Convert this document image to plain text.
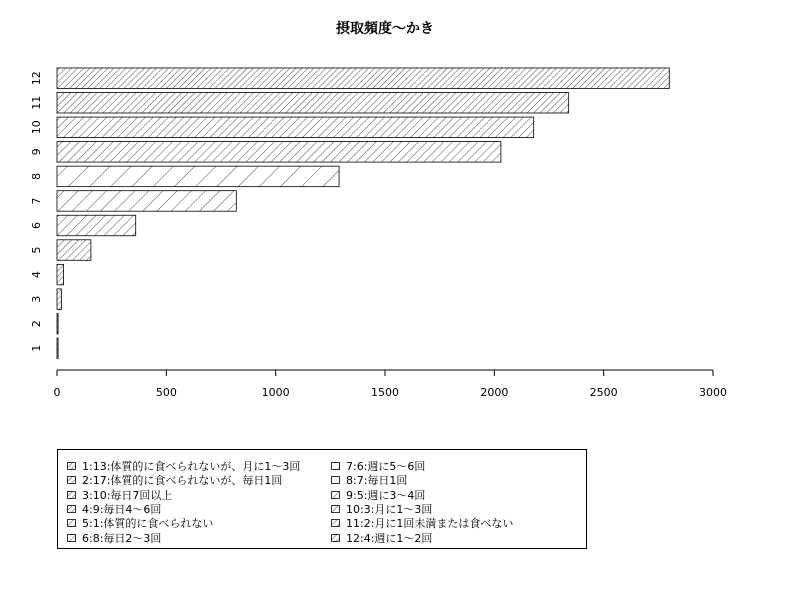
摂取頻度〜かき
1
2
3
4
5
6
7
8
9
10
11
12
0	500	1000	1500	2000	2500	3000
1:13:体質的に食べられないが、月に1〜3回
2:17:体質的に食べられないが、毎日1回
3:10:毎日7回以上
4:9:毎日4〜6回
5:1:体質的に食べられない
6:8:毎日2〜3回
7:6:週に5〜6回
8:7:毎日1回
9:5:週に3〜4回
10:3:月に1〜3回
11:2:月に1回未満または食べない
12:4:週に1〜2回
